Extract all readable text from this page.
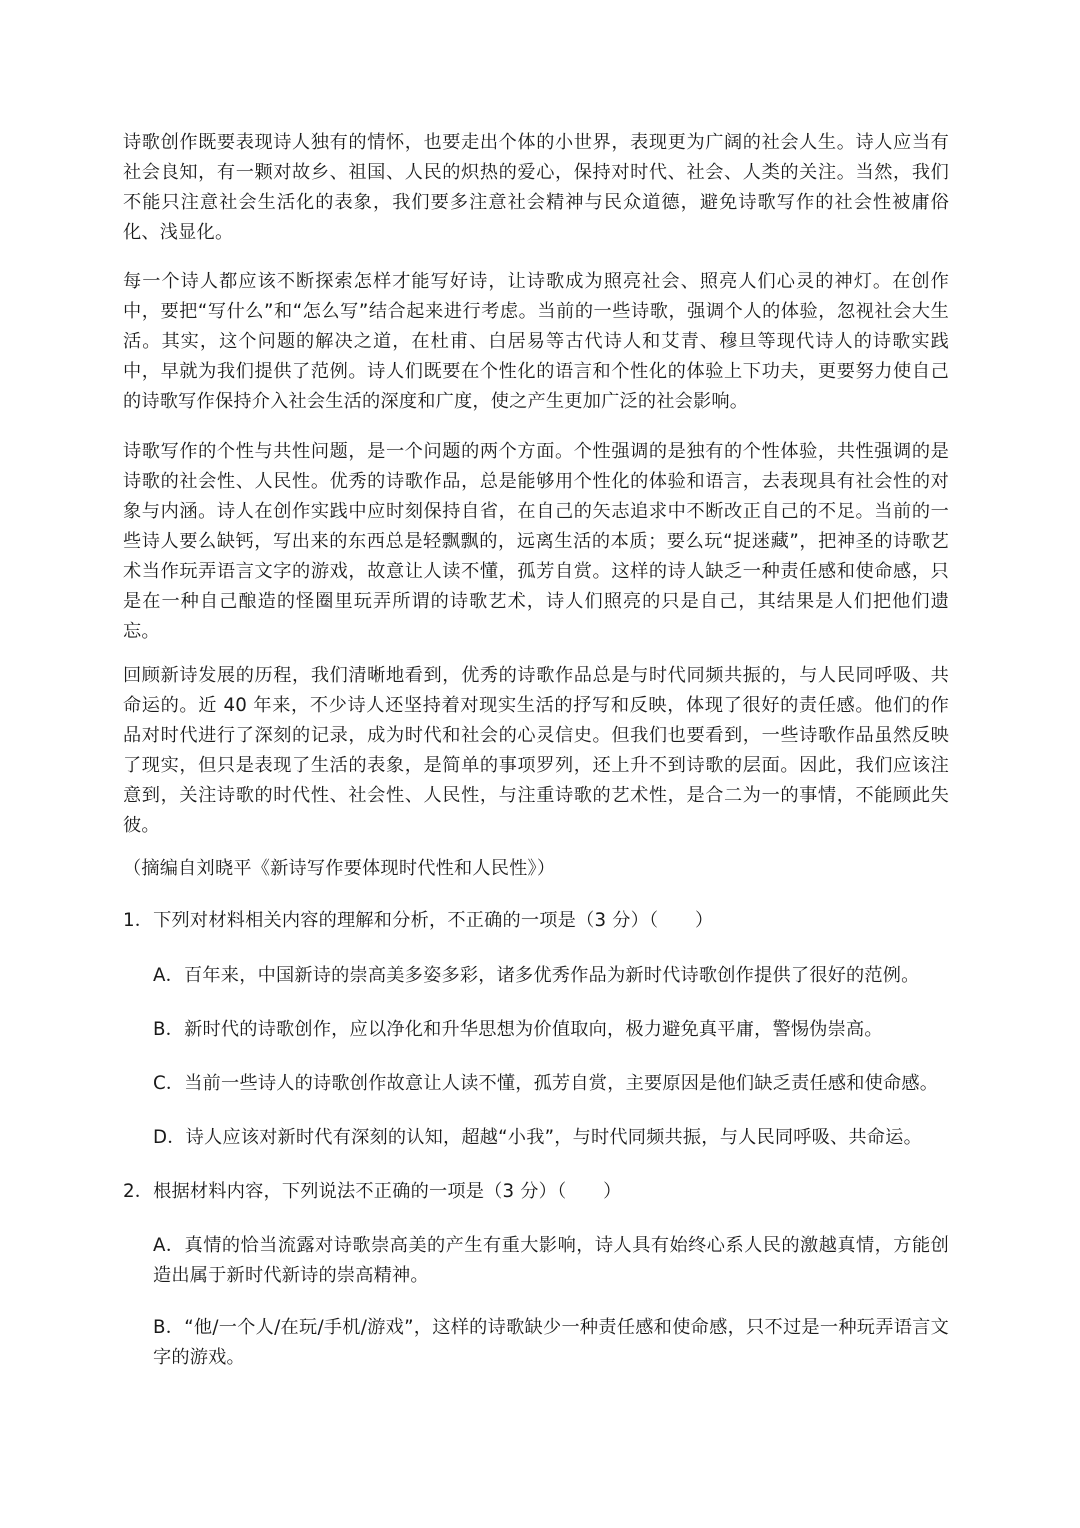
诗歌创作既要表现诗人独有的情怀，也要走出个体的小世界，表现更为广阔的社会人生。诗人应当有社会良知，有一颗对故乡、祖国、人民的炽热的爱心，保持对时代、社会、人类的关注。当然，我们不能只注意社会生活化的表象，我们要多注意社会精神与民众道德，避免诗歌写作的社会性被庸俗化、浅显化。
每一个诗人都应该不断探索怎样才能写好诗，让诗歌成为照亮社会、照亮人们心灵的神灯。在创作中，要把“写什么”和“怎么写”结合起来进行考虑。当前的一些诗歌，强调个人的体验，忽视社会大生活。其实，这个问题的解决之道，在杜甫、白居易等古代诗人和艾青、穆旦等现代诗人的诗歌实践中，早就为我们提供了范例。诗人们既要在个性化的语言和个性化的体验上下功夫，更要努力使自己的诗歌写作保持介入社会生活的深度和广度，使之产生更加广泛的社会影响。
诗歌写作的个性与共性问题，是一个问题的两个方面。个性强调的是独有的个性体验，共性强调的是诗歌的社会性、人民性。优秀的诗歌作品，总是能够用个性化的体验和语言，去表现具有社会性的对象与内涵。诗人在创作实践中应时刻保持自省，在自己的矢志追求中不断改正自己的不足。当前的一些诗人要么缺钙，写出来的东西总是轻飘飘的，远离生活的本质；要么玩“捉迷藏”，把神圣的诗歌艺术当作玩弄语言文字的游戏，故意让人读不懂，孤芳自赏。这样的诗人缺乏一种责任感和使命感，只是在一种自己酿造的怪圈里玩弄所谓的诗歌艺术，诗人们照亮的只是自己，其结果是人们把他们遗忘。
回顾新诗发展的历程，我们清晰地看到，优秀的诗歌作品总是与时代同频共振的，与人民同呼吸、共命运的。近 40 年来，不少诗人还坚持着对现实生活的抒写和反映，体现了很好的责任感。他们的作品对时代进行了深刻的记录，成为时代和社会的心灵信史。但我们也要看到，一些诗歌作品虽然反映了现实，但只是表现了生活的表象，是简单的事项罗列，还上升不到诗歌的层面。因此，我们应该注意到，关注诗歌的时代性、社会性、人民性，与注重诗歌的艺术性，是合二为一的事情，不能顾此失彼。
（摘编自刘晓平《新诗写作要体现时代性和人民性》）
1．下列对材料相关内容的理解和分析，不正确的一项是（3 分）（　　）
A．百年来，中国新诗的崇高美多姿多彩，诸多优秀作品为新时代诗歌创作提供了很好的范例。
B．新时代的诗歌创作，应以净化和升华思想为价值取向，极力避免真平庸，警惕伪崇高。
C．当前一些诗人的诗歌创作故意让人读不懂，孤芳自赏，主要原因是他们缺乏责任感和使命感。
D．诗人应该对新时代有深刻的认知，超越“小我”，与时代同频共振，与人民同呼吸、共命运。
2．根据材料内容，下列说法不正确的一项是（3 分）（　　）
A．真情的恰当流露对诗歌崇高美的产生有重大影响，诗人具有始终心系人民的激越真情，方能创造出属于新时代新诗的崇高精神。
B．“他/一个人/在玩/手机/游戏”，这样的诗歌缺少一种责任感和使命感，只不过是一种玩弄语言文字的游戏。
